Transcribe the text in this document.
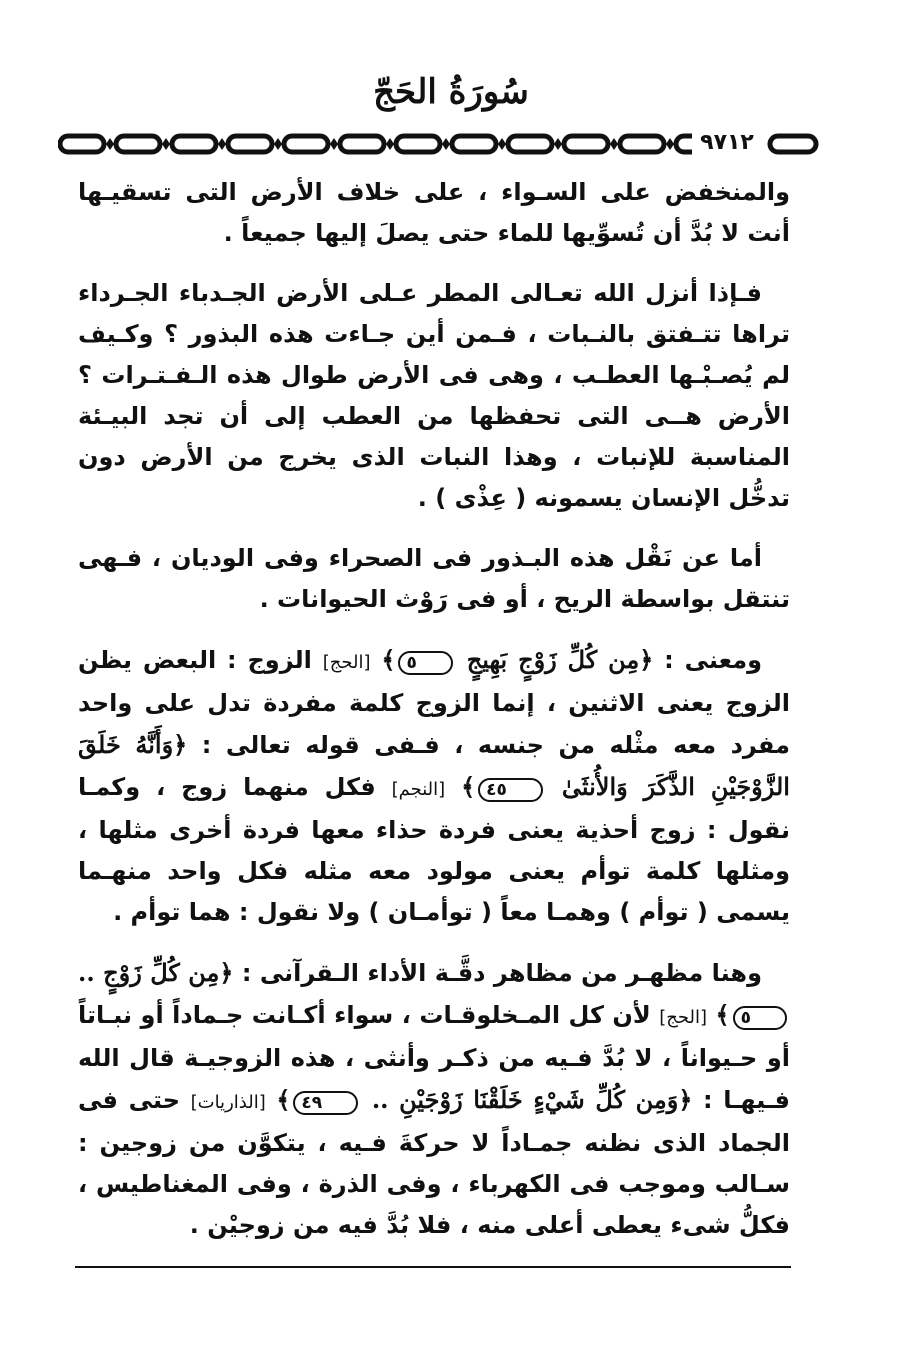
سُورَةُ الحَجّ
٩٧١٢

والمنخفض على السـواء ، على خلاف الأرض التى تسقيـها أنت لا بُدَّ أن تُسوِّيها للماء حتى يصلَ إليها جميعاً .

فـإذا أنزل الله تعـالى المطر عـلى الأرض الجـدباء الجـرداء تراها تتـفتق بالنـبات ، فـمن أين جـاءت هذه البذور ؟ وكـيف لم يُصـبْـها العطـب ، وهى فى الأرض طوال هذه الـفـتـرات ؟ الأرض هــى التى تحفظها من العطب إلى أن تجد البيـئة المناسبة للإنبات ، وهذا النبات الذى يخرج من الأرض دون تدخُّل الإنسان يسمونه ( عِذْى ) .

أما عن نَقْل هذه البـذور فى الصحراء وفى الوديان ، فـهى تنتقل بواسطة الريح ، أو فى رَوْث الحيوانات .

ومعنى : ﴿مِن كُلِّ زَوْجٍ بَهِيجٍ ٥﴾ [الحج] الزوج : البعض يظن الزوج يعنى الاثنين ، إنما الزوج كلمة مفردة تدل على واحد مفرد معه مثْله من جنسه ، فـفى قوله تعالى : ﴿وَأَنَّهُ خَلَقَ الزَّوْجَيْنِ الذَّكَرَ وَالأُنثَىٰ ٤٥﴾ [النجم] فكل منهما زوج ، وكمـا نقول : زوج أحذية يعنى فردة حذاء معها فردة أخرى مثلها ، ومثلها كلمة توأم يعنى مولود معه مثله فكل واحد منهـما يسمى ( توأم ) وهمـا معاً ( توأمـان ) ولا نقول : هما توأم .

وهنا مظهـر من مظاهر دقَّـة الأداء الـقرآنى : ﴿مِن كُلِّ زَوْجٍ .. ٥﴾ [الحج] لأن كل المـخلوقـات ، سواء أكـانت جـماداً أو نبـاتاً أو حـيواناً ، لا بُدَّ فـيه من ذكـر وأنثى ، هذه الزوجيـة قال الله فـيهـا : ﴿وَمِن كُلِّ شَيْءٍ خَلَقْنَا زَوْجَيْنِ .. ٤٩﴾ [الذاريات] حتى فى الجماد الذى نظنه جمـاداً لا حركةَ فـيه ، يتكوَّن من زوجين : سـالب وموجب فى الكهرباء ، وفى الذرة ، وفى المغناطيس ، فكلُّ شىء يعطى أعلى منه ، فلا بُدَّ فيه من زوجيْن .
